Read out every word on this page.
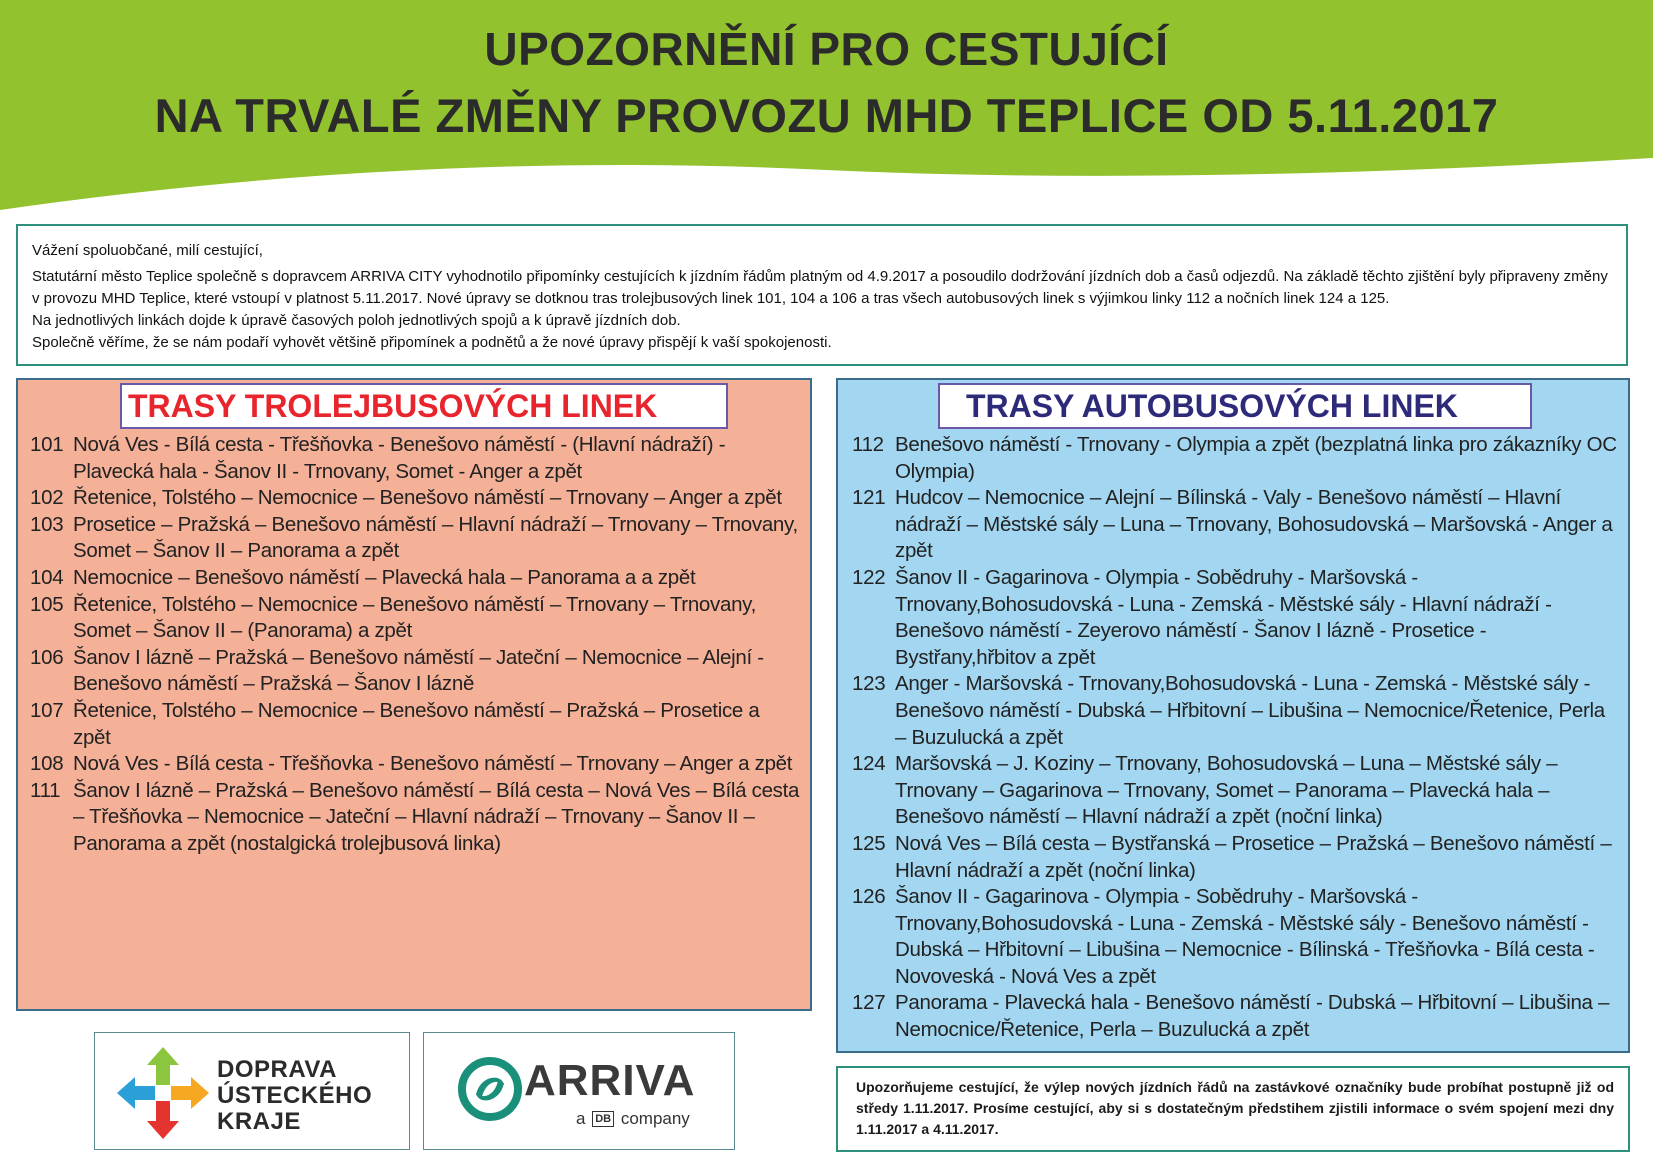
UPOZORNĚNÍ PRO CESTUJÍCÍ
NA TRVALÉ ZMĚNY PROVOZU MHD TEPLICE OD 5.11.2017

Vážení spoluobčané, milí cestující,

Statutární město Teplice společně s dopravcem ARRIVA CITY vyhodnotilo připomínky cestujících k jízdním řádům platným od 4.9.2017 a posoudilo dodržování jízdních dob a časů odjezdů. Na základě těchto zjištění byly připraveny změny v provozu MHD Teplice, které vstoupí v platnost 5.11.2017. Nové úpravy se dotknou tras trolejbusových linek 101, 104 a 106 a tras všech autobusových linek s výjimkou linky 112 a nočních linek 124 a 125.

Na jednotlivých linkách dojde k úpravě časových poloh jednotlivých spojů a k úpravě jízdních dob.

Společně věříme, že se nám podaří vyhovět většině připomínek a podnětů a že nové úpravy přispějí k vaší spokojenosti.

TRASY TROLEJBUSOVÝCH LINEK
101 Nová Ves - Bílá cesta - Třešňovka - Benešovo náměstí - (Hlavní nádraží) - Plavecká hala - Šanov II - Trnovany, Somet - Anger a zpět
102 Řetenice, Tolstého – Nemocnice – Benešovo náměstí – Trnovany – Anger a zpět
103 Prosetice – Pražská – Benešovo náměstí – Hlavní nádraží – Trnovany – Trnovany, Somet – Šanov II – Panorama a zpět
104 Nemocnice – Benešovo náměstí – Plavecká hala – Panorama a a zpět
105 Řetenice, Tolstého – Nemocnice – Benešovo náměstí – Trnovany – Trnovany, Somet – Šanov II – (Panorama) a zpět
106 Šanov I lázně – Pražská – Benešovo náměstí – Jateční – Nemocnice – Alejní - Benešovo náměstí – Pražská – Šanov I lázně
107 Řetenice, Tolstého – Nemocnice – Benešovo náměstí – Pražská – Prosetice a zpět
108 Nová Ves - Bílá cesta - Třešňovka - Benešovo náměstí – Trnovany – Anger a zpět
111 Šanov I lázně – Pražská – Benešovo náměstí – Bílá cesta – Nová Ves – Bílá cesta – Třešňovka – Nemocnice – Jateční – Hlavní nádraží – Trnovany – Šanov II – Panorama a zpět (nostalgická trolejbusová linka)
TRASY AUTOBUSOVÝCH LINEK
112 Benešovo náměstí - Trnovany - Olympia a zpět (bezplatná linka pro zákazníky OC Olympia)
121 Hudcov – Nemocnice – Alejní – Bílinská - Valy - Benešovo náměstí – Hlavní nádraží – Městské sály – Luna – Trnovany, Bohosudovská – Maršovská - Anger a zpět
122 Šanov II - Gagarinova - Olympia - Sobědruhy - Maršovská - Trnovany,Bohosudovská - Luna - Zemská - Městské sály - Hlavní nádraží - Benešovo náměstí - Zeyerovo náměstí - Šanov I lázně - Prosetice - Bystřany,hřbitov a zpět
123 Anger - Maršovská - Trnovany,Bohosudovská - Luna - Zemská - Městské sály - Benešovo náměstí - Dubská – Hřbitovní – Libušina – Nemocnice/Řetenice, Perla – Buzulucká a zpět
124 Maršovská – J. Koziny – Trnovany, Bohosudovská – Luna – Městské sály – Trnovany – Gagarinova – Trnovany, Somet – Panorama – Plavecká hala – Benešovo náměstí – Hlavní nádraží a zpět (noční linka)
125 Nová Ves – Bílá cesta – Bystřanská – Prosetice – Pražská – Benešovo náměstí – Hlavní nádraží a zpět (noční linka)
126 Šanov II - Gagarinova - Olympia - Sobědruhy - Maršovská - Trnovany,Bohosudovská - Luna - Zemská - Městské sály - Benešovo náměstí - Dubská – Hřbitovní – Libušina – Nemocnice - Bílinská - Třešňovka - Bílá cesta - Novoveská - Nová Ves a zpět
127 Panorama - Plavecká hala - Benešovo náměstí - Dubská – Hřbitovní – Libušina – Nemocnice/Řetenice, Perla – Buzulucká a zpět
DOPRAVA
ÚSTECKÉHO
KRAJE
ARRIVA
a DB company
Upozorňujeme cestující, že výlep nových jízdních řádů na zastávkové označníky bude probíhat postupně již od středy 1.11.2017. Prosíme cestující, aby si s dostatečným předstihem zjistili informace o svém spojení mezi dny 1.11.2017 a 4.11.2017.
